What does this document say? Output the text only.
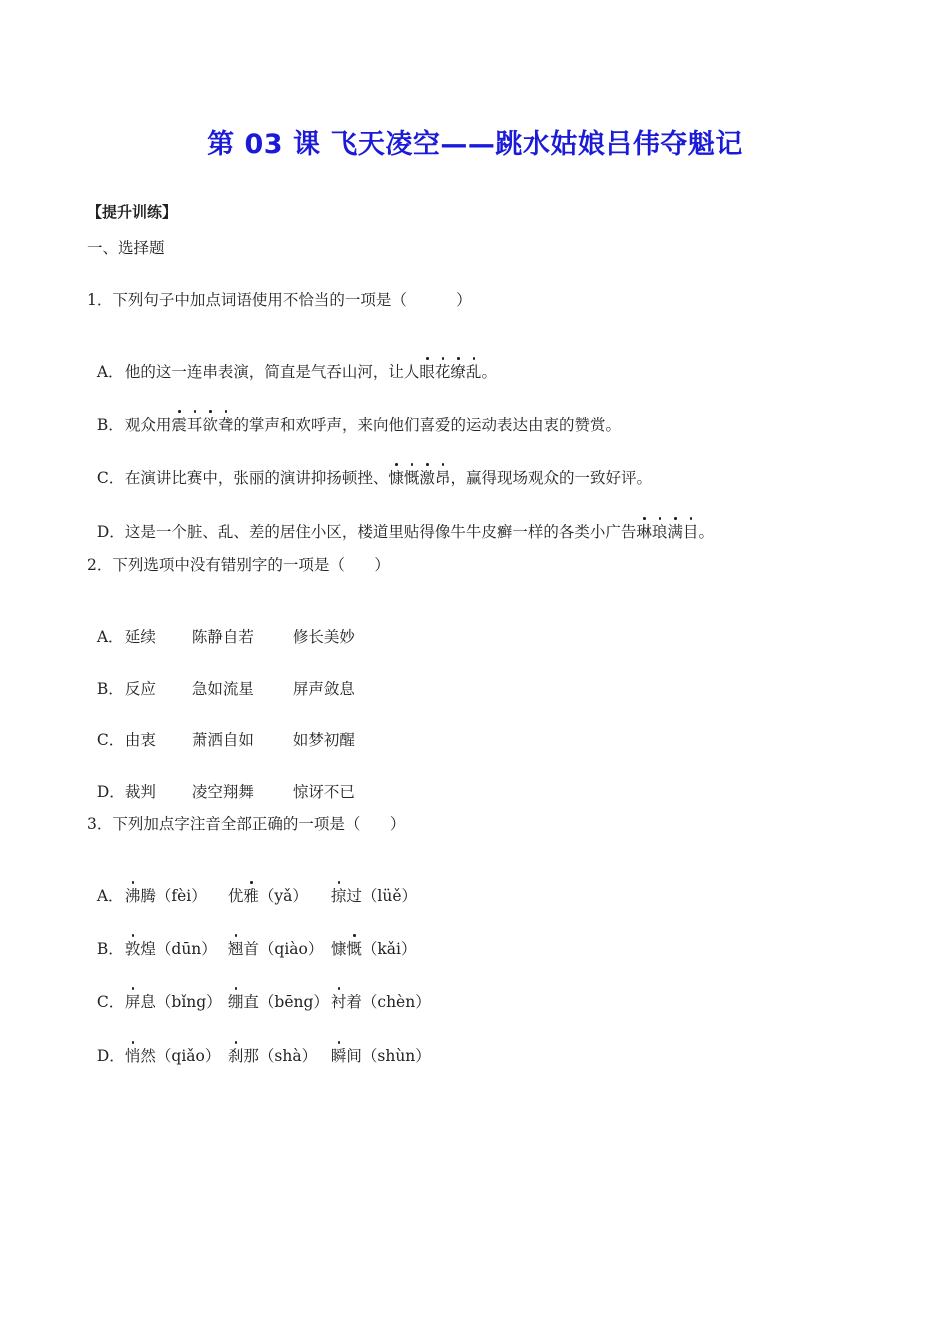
第 03 课 飞天凌空——跳水姑娘吕伟夺魁记
【提升训练】
一、选择题
1．下列句子中加点词语使用不恰当的一项是（          ）

A．他的这一连串表演，简直是气吞山河，让人眼花缭乱。

B．观众用震耳欲聋的掌声和欢呼声，来向他们喜爱的运动表达由衷的赞赏。

C．在演讲比赛中，张丽的演讲抑扬顿挫、慷慨激昂，赢得现场观众的一致好评。

D．这是一个脏、乱、差的居住小区，楼道里贴得像牛牛皮癣一样的各类小广告琳琅满目。

2．下列选项中没有错别字的一项是（      ）

A．延续 陈静自若	修长美妙

B．反应 急如流星	屏声敛息

C．由衷 萧洒自如	如梦初醒

D．裁判 凌空翔舞	惊讶不已

3．下列加点字注音全部正确的一项是（      ）

A．沸腾（fèi） 优雅（yǎ） 掠过（lüě）

B．敦煌（dūn） 翘首（qiào） 慷慨（kǎi）

C．屏息（bǐng） 绷直（bēng） 衬着（chèn）

D．悄然（qiǎo） 刹那（shà） 瞬间（shùn）
